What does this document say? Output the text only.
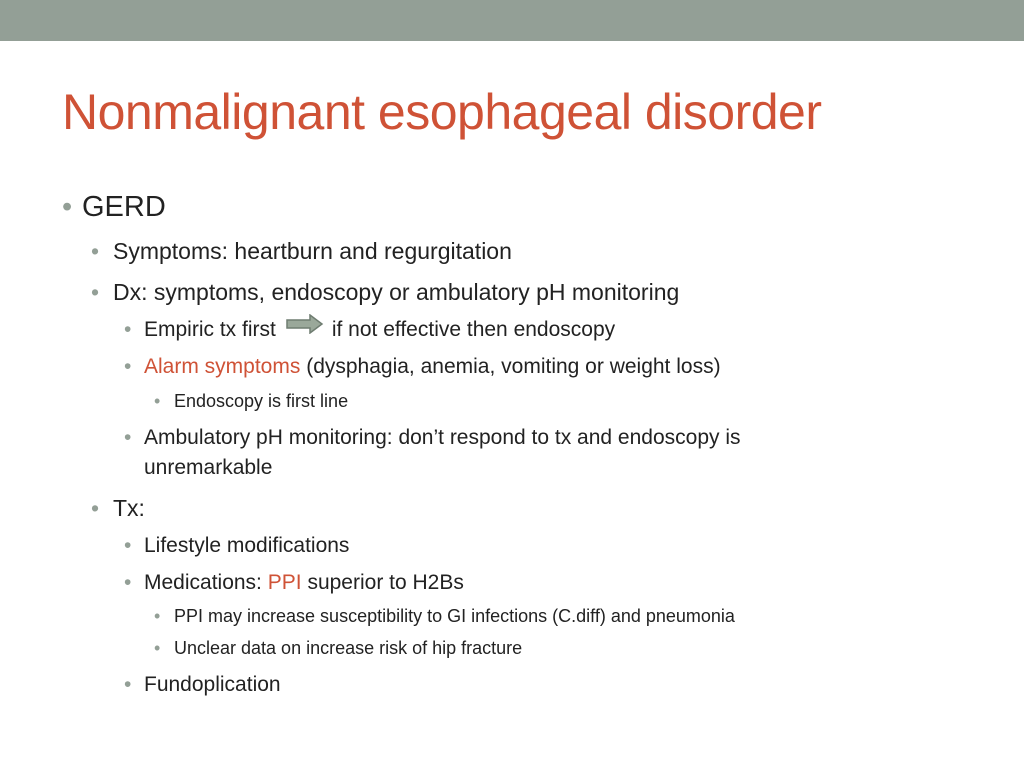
Nonmalignant esophageal disorder
• GERD
• Symptoms: heartburn and regurgitation
• Dx: symptoms, endoscopy or ambulatory pH monitoring
• Empiric tx first	if not effective then endoscopy
• Alarm symptoms (dysphagia, anemia, vomiting or weight loss)
• Endoscopy is first line
• Ambulatory pH monitoring: don’t respond to tx and endoscopy is
unremarkable
• Tx:
• Lifestyle modifications
• Medications: PPI superior to H2Bs
• PPI may increase susceptibility to GI infections (C.diff) and pneumonia
• Unclear data on increase risk of hip fracture
• Fundoplication
